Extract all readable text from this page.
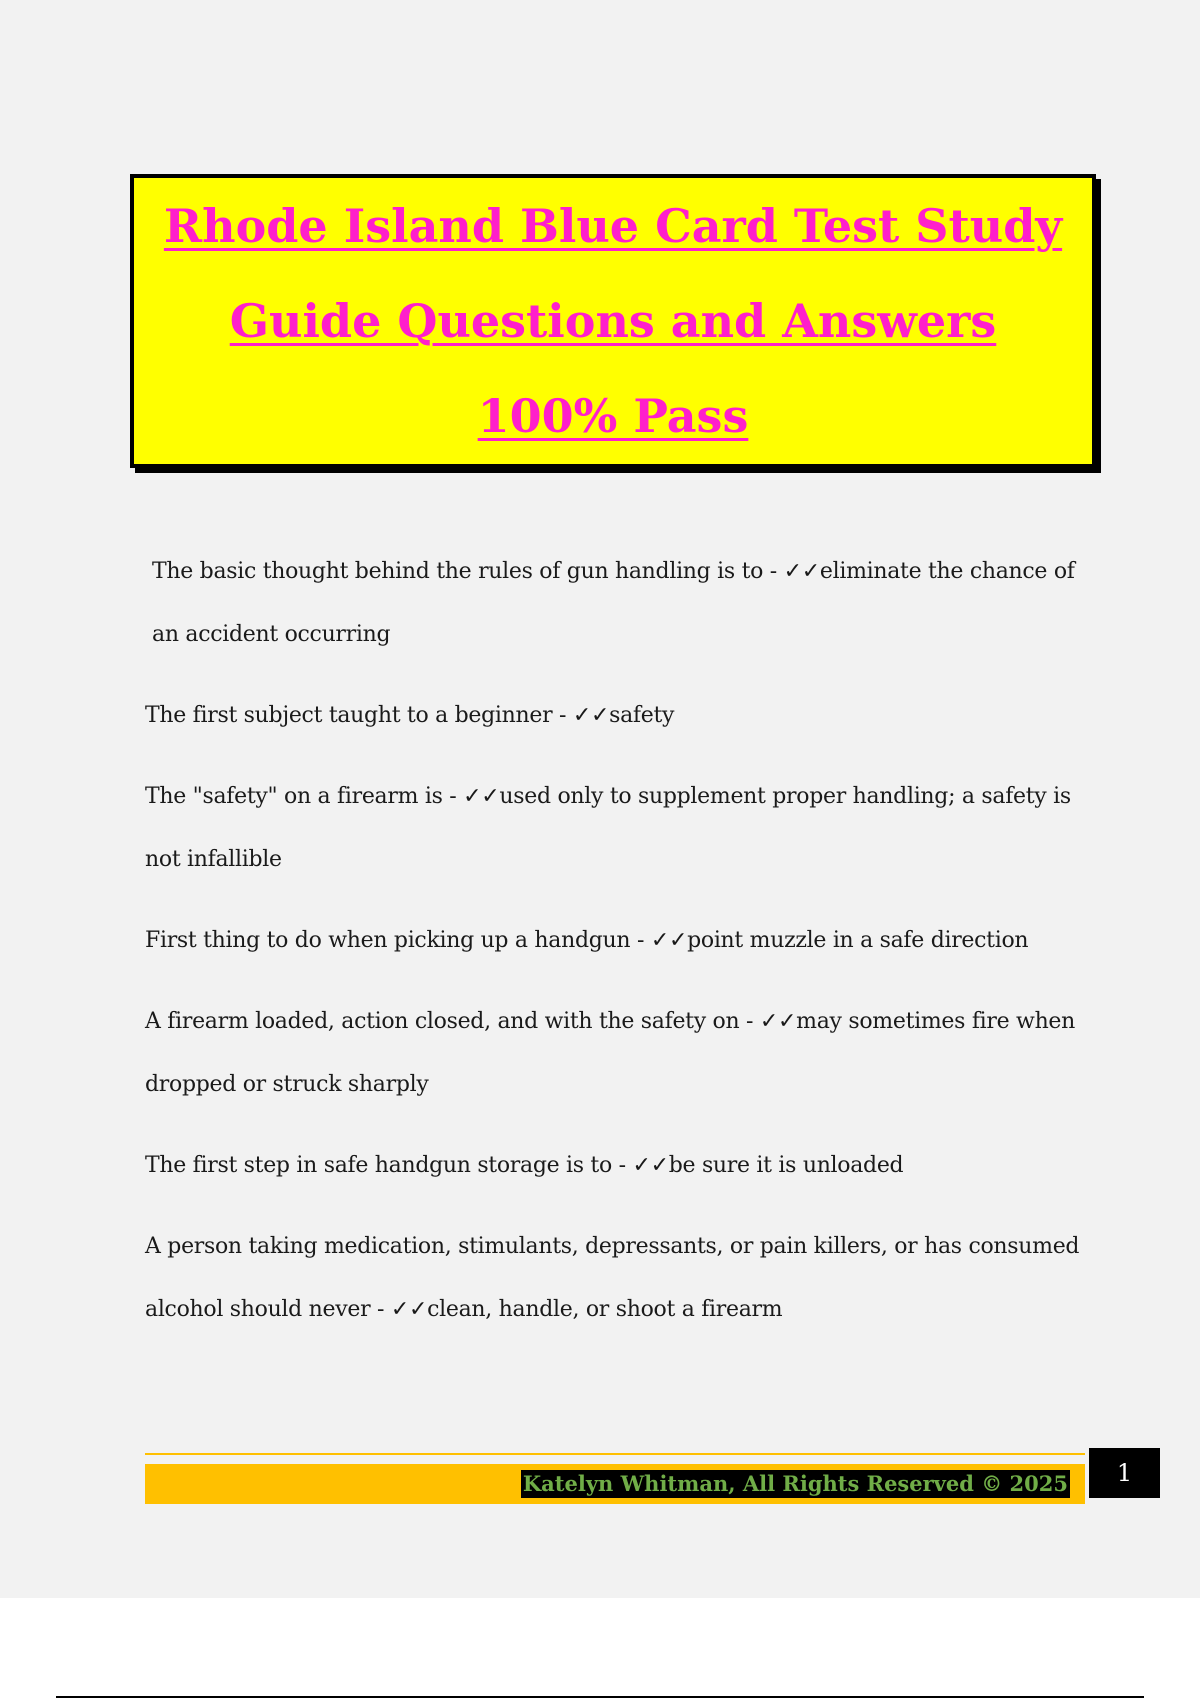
Rhode Island Blue Card Test Study Guide Questions and Answers 100% Pass

The basic thought behind the rules of gun handling is to - ✓✓eliminate the chance of an accident occurring

The first subject taught to a beginner - ✓✓safety

The "safety" on a firearm is - ✓✓used only to supplement proper handling; a safety is not infallible

First thing to do when picking up a handgun - ✓✓point muzzle in a safe direction

A firearm loaded, action closed, and with the safety on - ✓✓may sometimes fire when dropped or struck sharply

The first step in safe handgun storage is to - ✓✓be sure it is unloaded

A person taking medication, stimulants, depressants, or pain killers, or has consumed alcohol should never - ✓✓clean, handle, or shoot a firearm

Katelyn Whitman, All Rights Reserved © 2025	1
